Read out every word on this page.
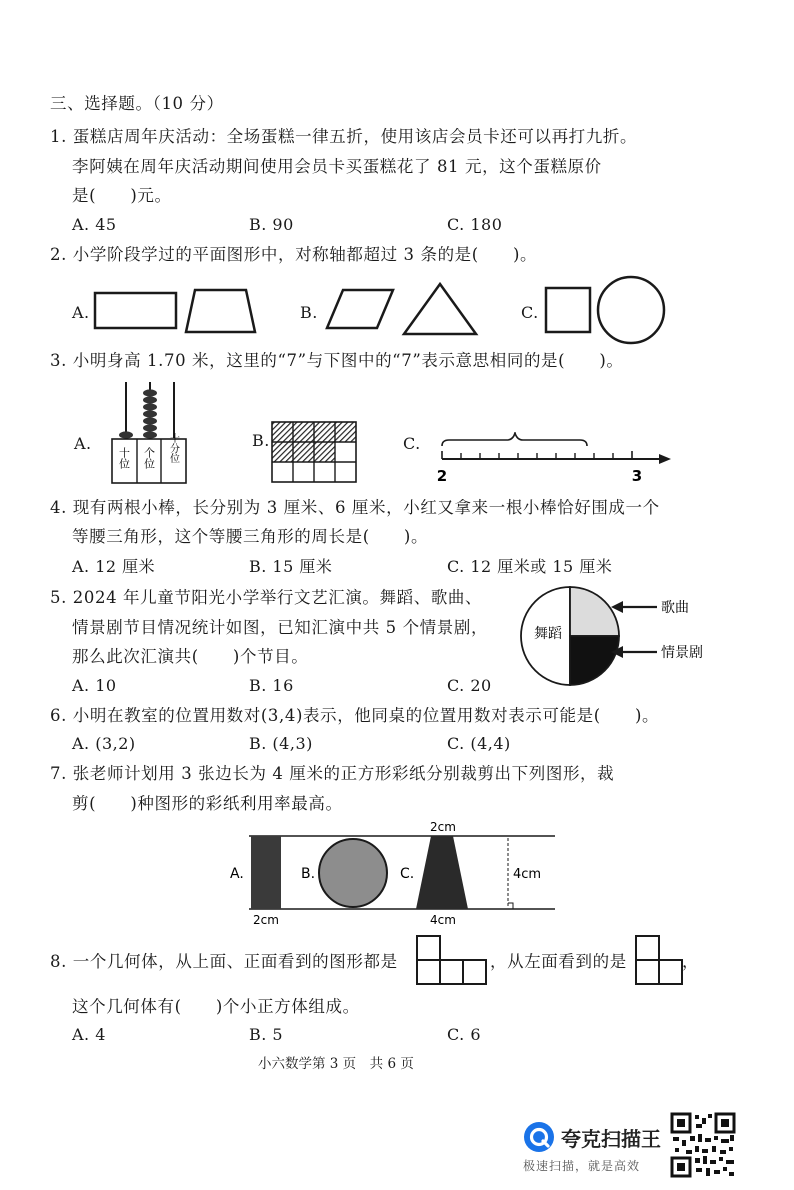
三、选择题。（10 分）
1. 蛋糕店周年庆活动：全场蛋糕一律五折，使用该店会员卡还可以再打九折。
李阿姨在周年庆活动期间使用会员卡买蛋糕花了 81 元，这个蛋糕原价
是(　　)元。
A. 45	B. 90	C. 180
2. 小学阶段学过的平面图形中，对称轴都超过 3 条的是(　　)。
A.	B.	C.
3. 小明身高 1.70 米，这里的“7”与下图中的“7”表示意思相同的是(　　)。
A.	B.	C.
十位 个位 十分位
2	3
4. 现有两根小棒，长分别为 3 厘米、6 厘米，小红又拿来一根小棒恰好围成一个
等腰三角形，这个等腰三角形的周长是(　　)。
A. 12 厘米	B. 15 厘米	C. 12 厘米或 15 厘米
5. 2024 年儿童节阳光小学举行文艺汇演。舞蹈、歌曲、
情景剧节目情况统计如图，已知汇演中共 5 个情景剧，
那么此次汇演共(　　)个节目。
A. 10	B. 16	C. 20
舞蹈
歌曲
情景剧
6. 小明在教室的位置用数对(3,4)表示，他同桌的位置用数对表示可能是(　　)。
A. (3,2)	B. (4,3)	C. (4,4)
7. 张老师计划用 3 张边长为 4 厘米的正方形彩纸分别裁剪出下列图形，裁
剪(　　)种图形的彩纸利用率最高。
A.	B.	C.
2cm
2cm	4cm
4cm
8. 一个几何体，从上面、正面看到的图形都是	，从左面看到的是	，
这个几何体有(　　)个小正方体组成。
A. 4	B. 5	C. 6
小六数学第 3 页　共 6 页
夸克扫描王
极速扫描，就是高效
